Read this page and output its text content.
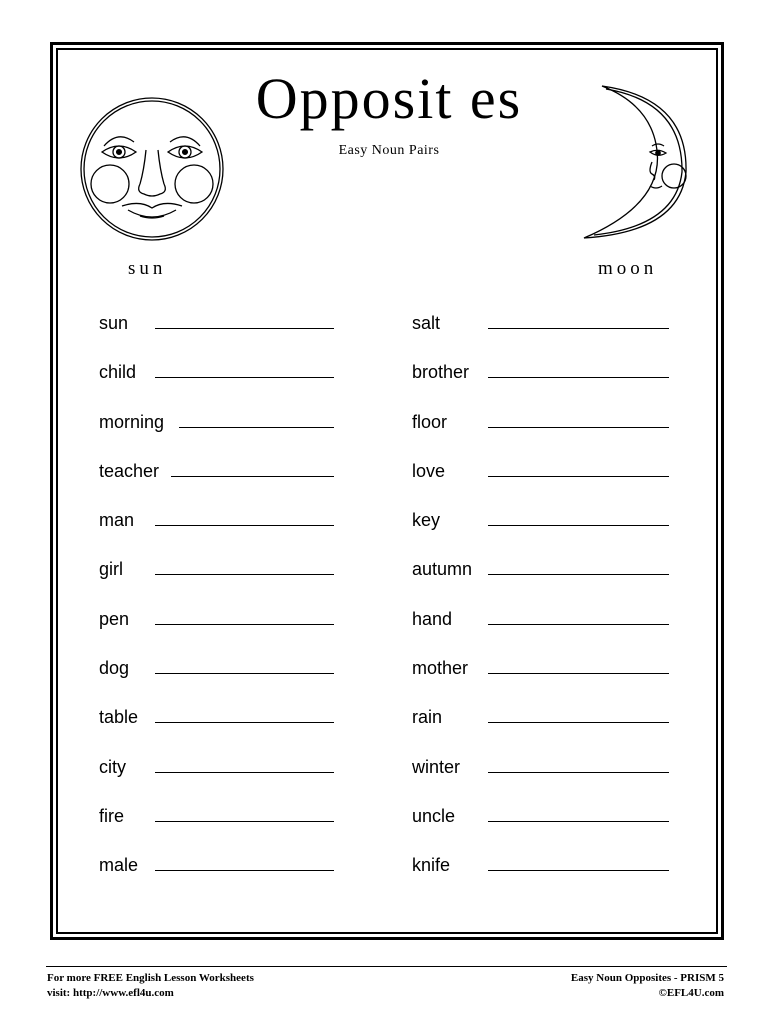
Opposit es
Easy Noun Pairs
sun	moon
sun
child
morning
teacher
man
girl
pen
dog
table
city
fire
male
salt
brother
floor
love
key
autumn
hand
mother
rain
winter
uncle
knife
For more FREE English Lesson Worksheets
visit: http://www.efl4u.com
Easy Noun Opposites - PRISM 5
©EFL4U.com
